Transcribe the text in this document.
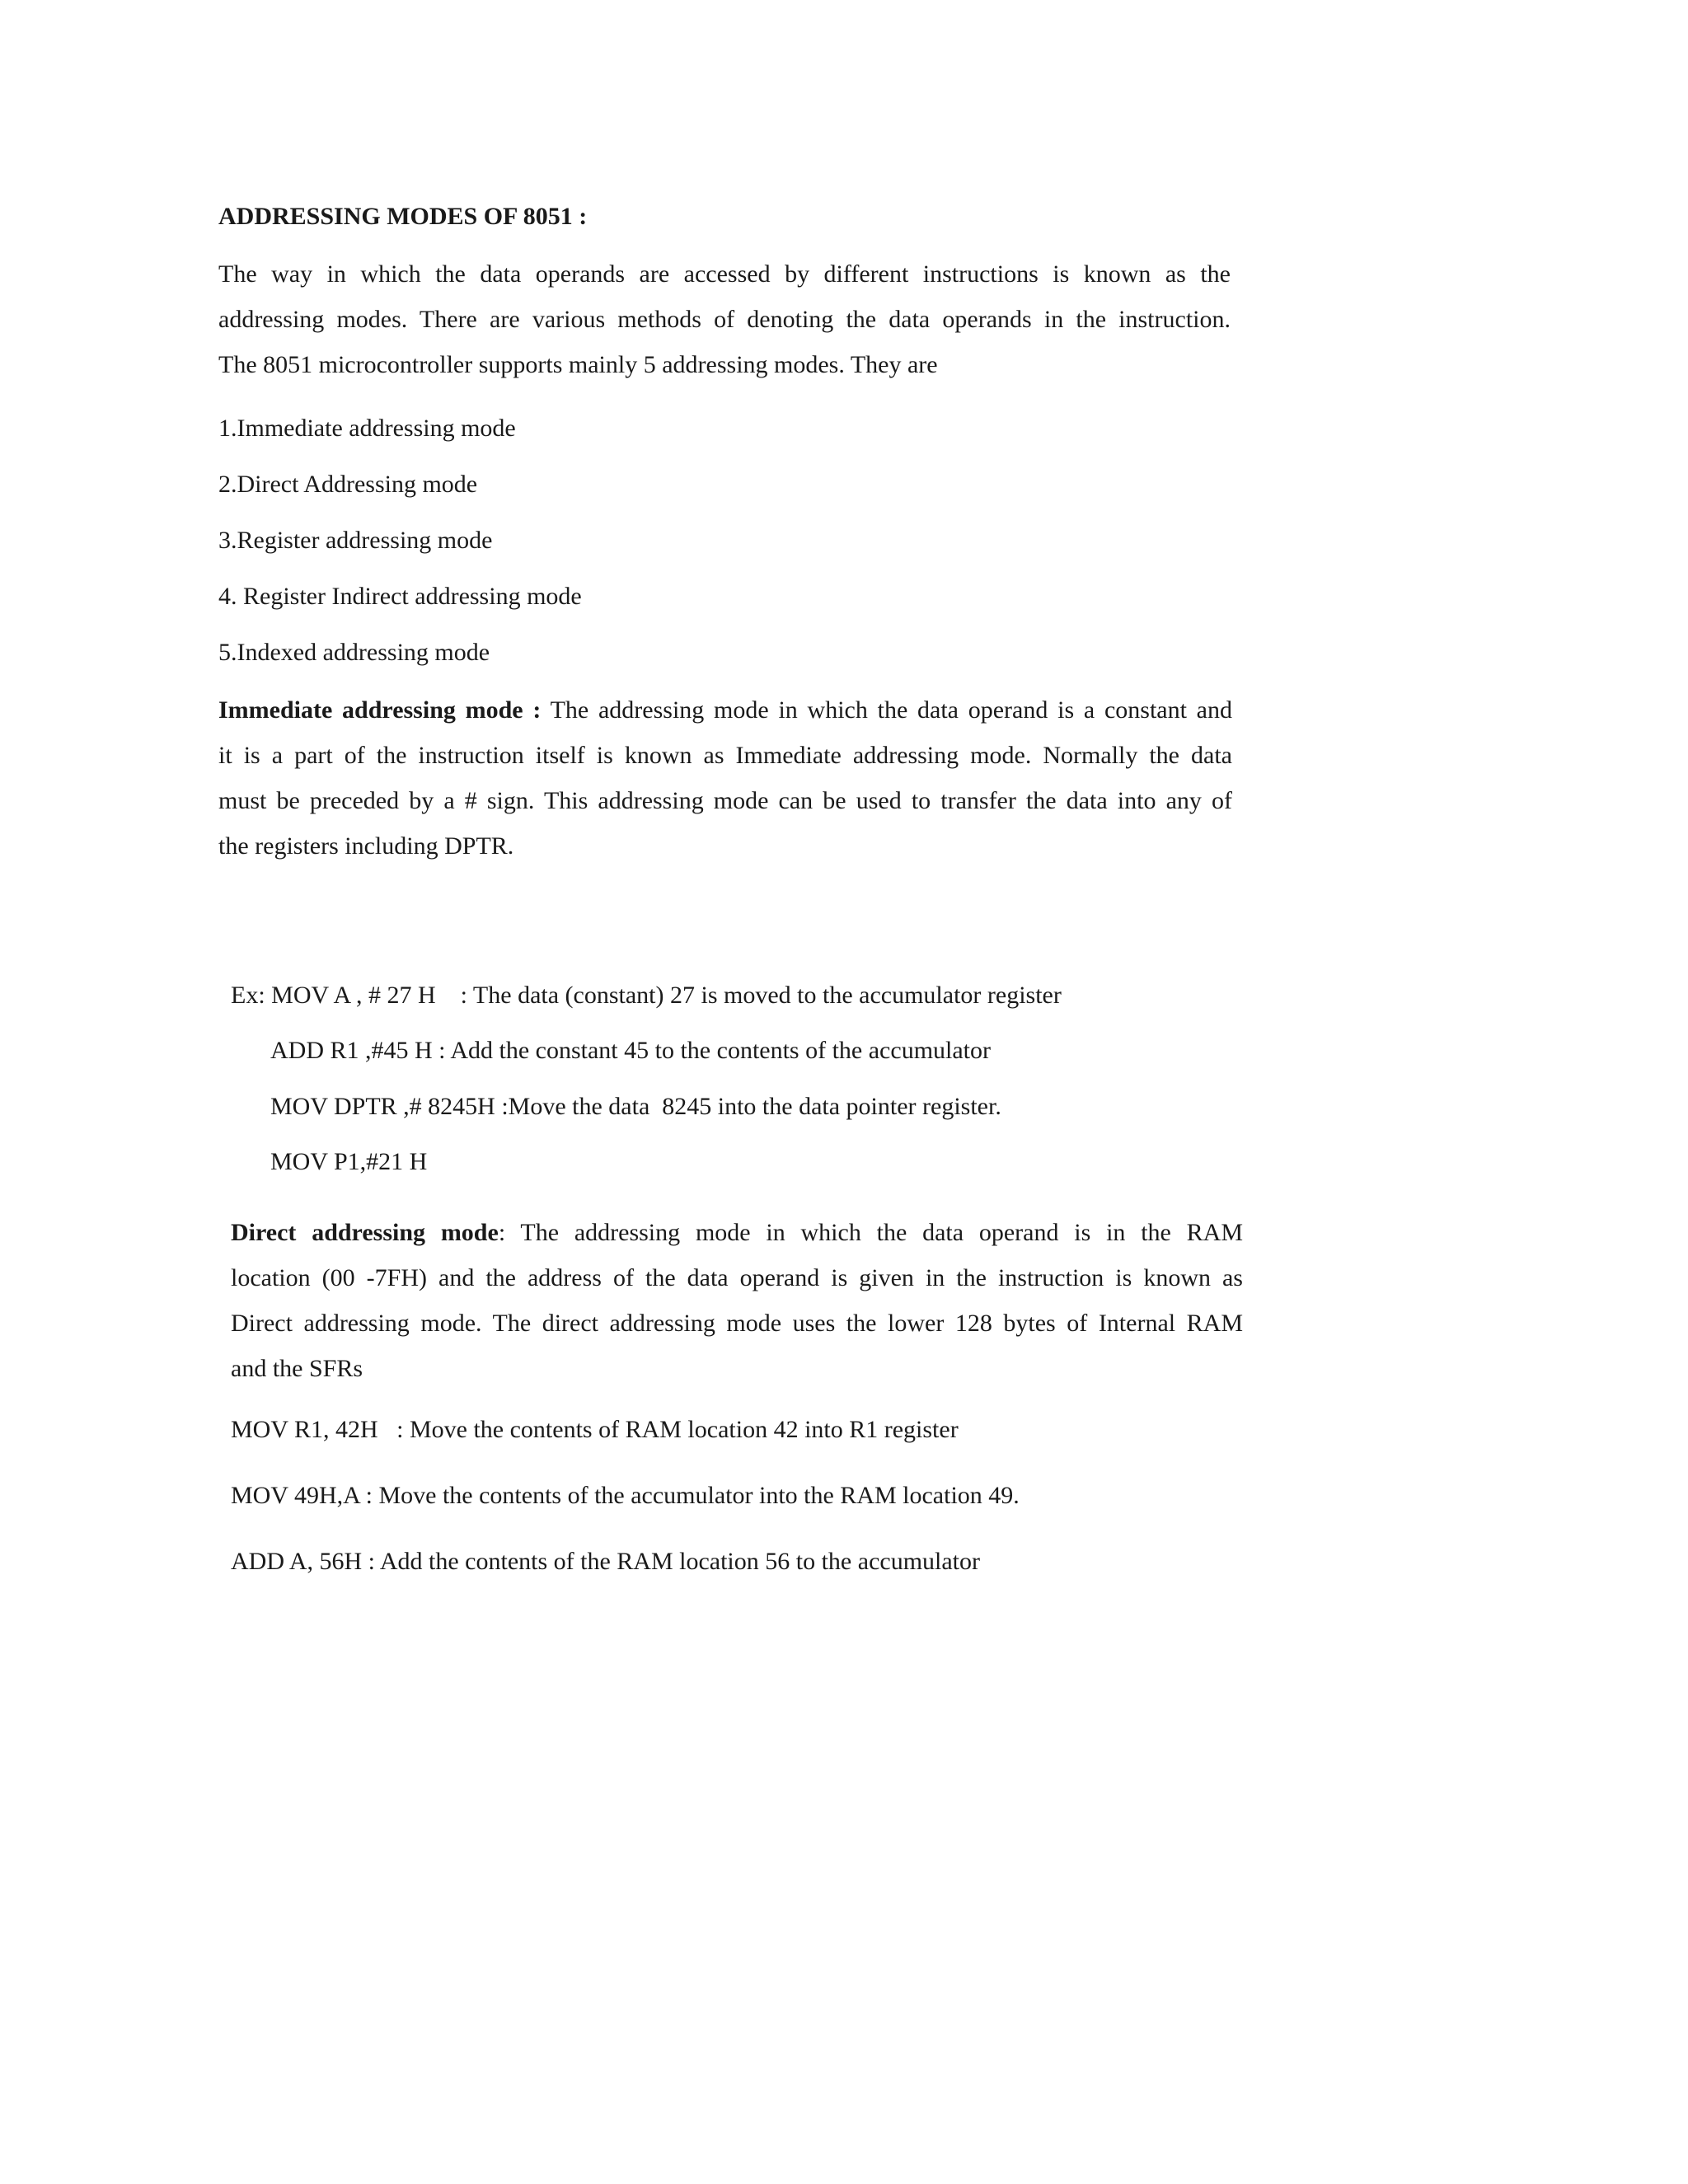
ADDRESSING MODES OF 8051 :

The way in which the data operands are accessed by different instructions is known as the
addressing modes. There are various methods of denoting the data operands in the instruction.
The 8051 microcontroller supports mainly 5 addressing modes. They are

1.Immediate addressing mode
2.Direct Addressing mode
3.Register addressing mode
4. Register Indirect addressing mode
5.Indexed addressing mode

Immediate addressing mode : The addressing mode in which the data operand is a constant and
it is a part of the instruction itself is known as Immediate addressing mode. Normally the data
must be preceded by a # sign. This addressing mode can be used to transfer the data into any of
the registers including DPTR.

Ex: MOV A , # 27 H    : The data (constant) 27 is moved to the accumulator register

ADD R1 ,#45 H : Add the constant 45 to the contents of the accumulator

MOV DPTR ,# 8245H :Move the data  8245 into the data pointer register.

MOV P1,#21 H

Direct addressing mode: The addressing mode in which the data operand is in the RAM
location (00 -7FH) and the address of the data operand is given in the instruction is known as
Direct addressing mode. The direct addressing mode uses the lower 128 bytes of Internal RAM
and the SFRs

MOV R1, 42H   : Move the contents of RAM location 42 into R1 register

MOV 49H,A : Move the contents of the accumulator into the RAM location 49.

ADD A, 56H : Add the contents of the RAM location 56 to the accumulator
